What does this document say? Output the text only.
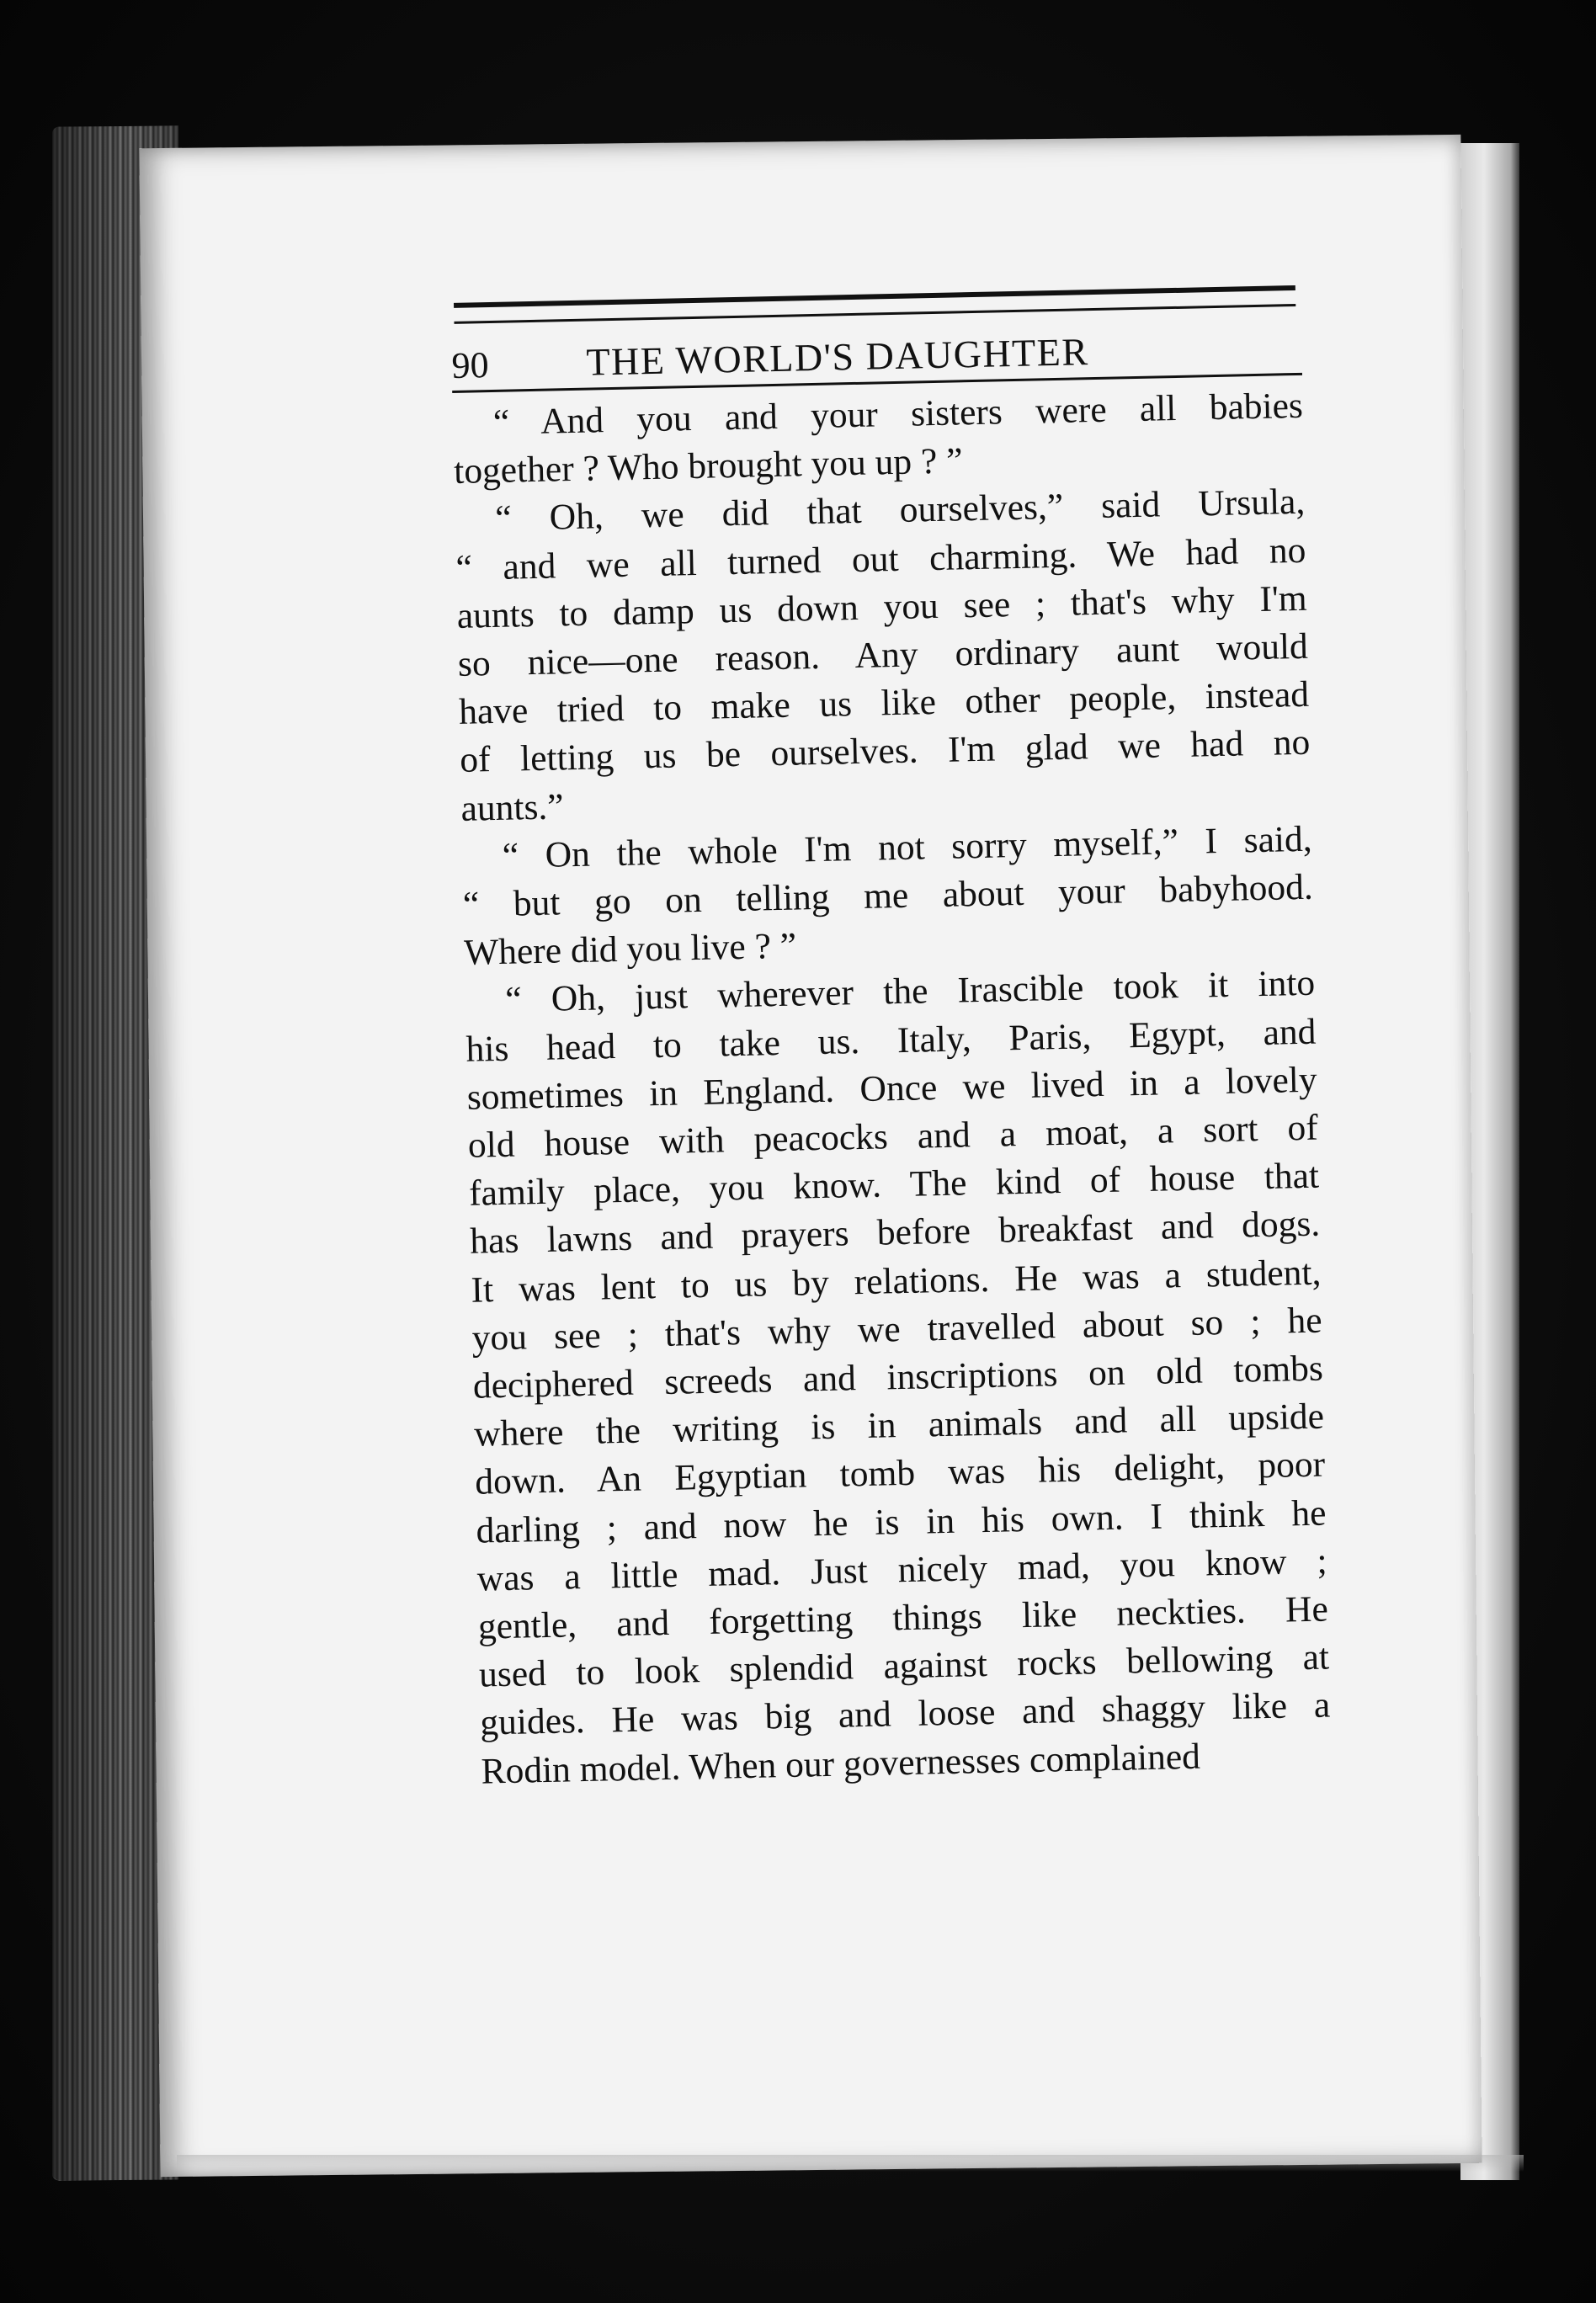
90	THE WORLD'S DAUGHTER
“ And you and your sisters were all babies
together ? Who brought you up ? ”
“ Oh, we did that ourselves,” said Ursula,
“ and we all turned out charming. We had no
aunts to damp us down you see ; that's why I'm
so nice—one reason. Any ordinary aunt would
have tried to make us like other people, instead
of letting us be ourselves. I'm glad we had no
aunts.”
“ On the whole I'm not sorry myself,” I said,
“ but go on telling me about your babyhood.
Where did you live ? ”
“ Oh, just wherever the Irascible took it into
his head to take us. Italy, Paris, Egypt, and
sometimes in England. Once we lived in a lovely
old house with peacocks and a moat, a sort of
family place, you know. The kind of house that
has lawns and prayers before breakfast and dogs.
It was lent to us by relations. He was a student,
you see ; that's why we travelled about so ; he
deciphered screeds and inscriptions on old tombs
where the writing is in animals and all upside
down. An Egyptian tomb was his delight, poor
darling ; and now he is in his own. I think he
was a little mad. Just nicely mad, you know ;
gentle, and forgetting things like neckties. He
used to look splendid against rocks bellowing at
guides. He was big and loose and shaggy like a
Rodin model. When our governesses complained
